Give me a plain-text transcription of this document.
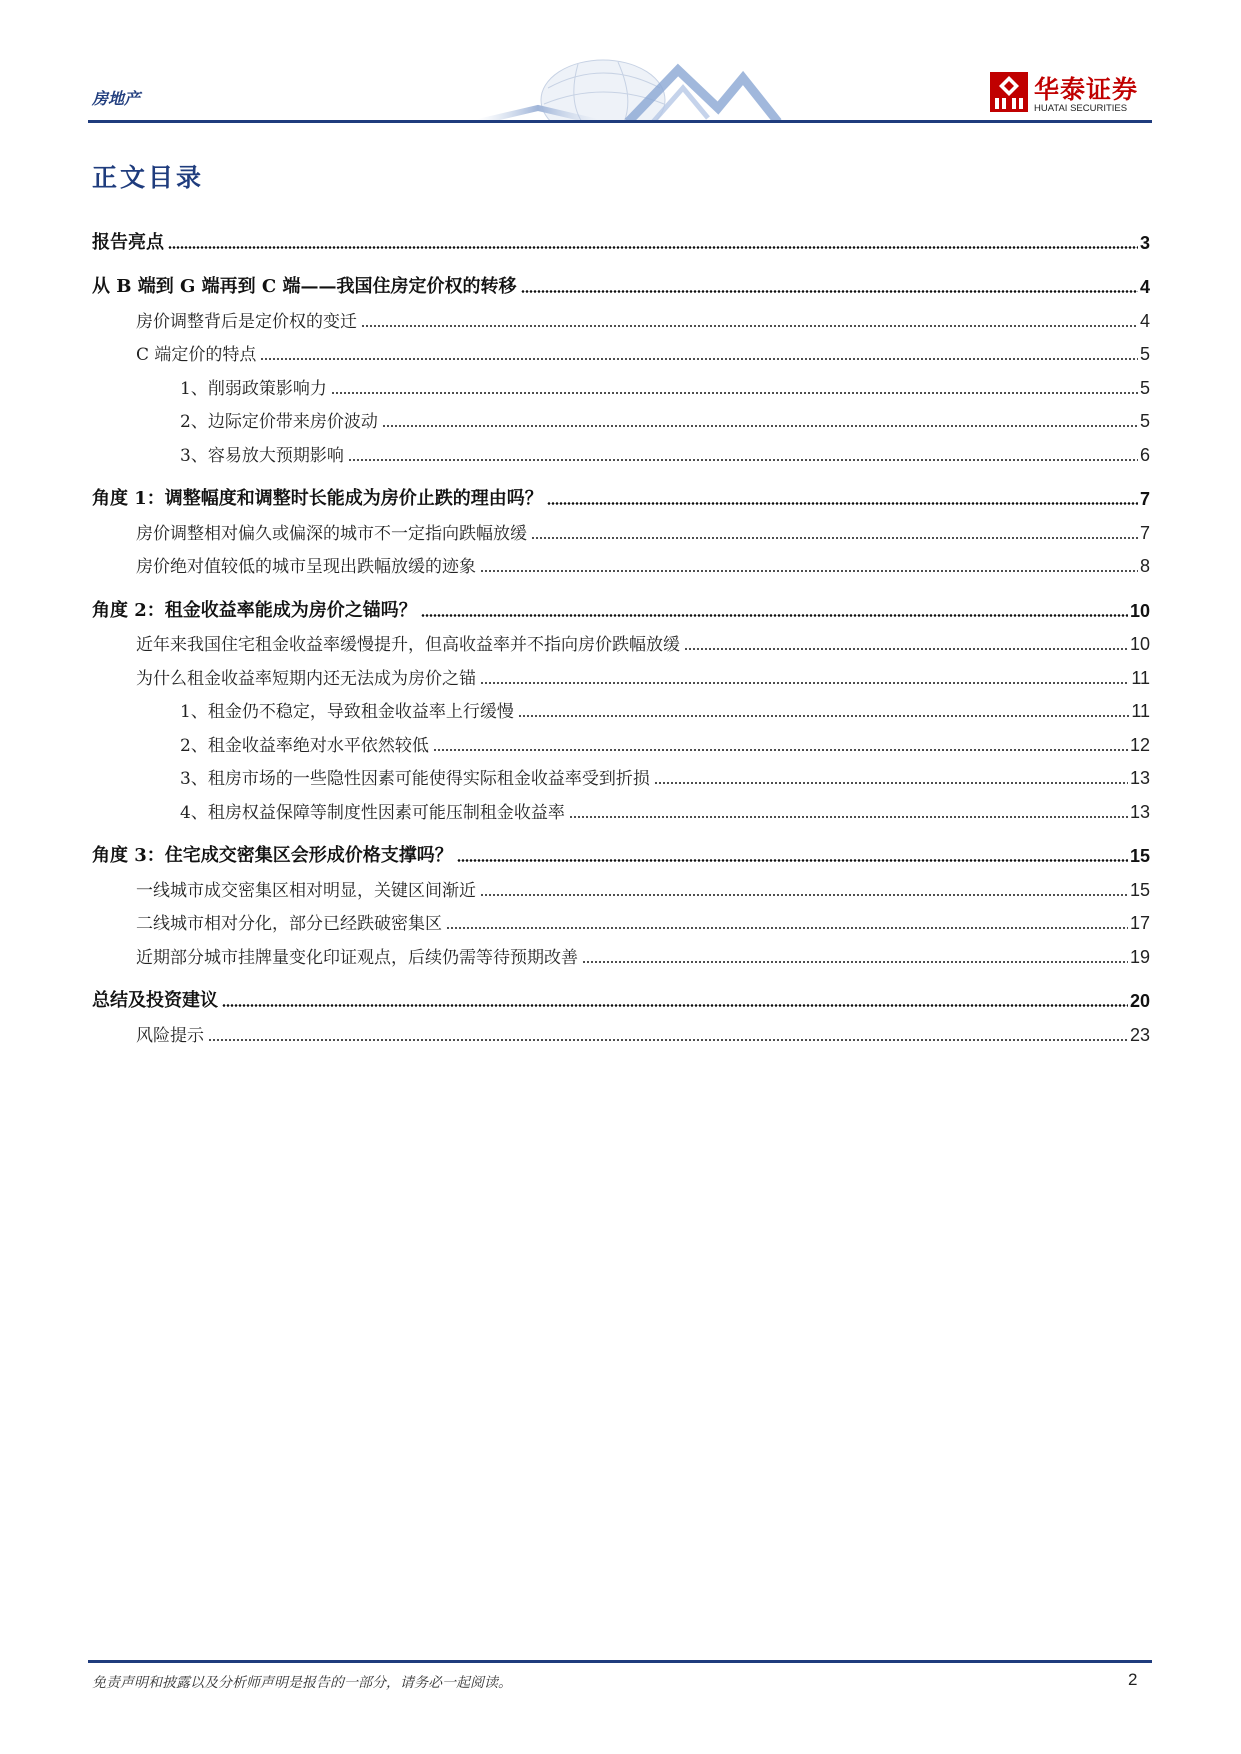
房地产	华泰证券
HUATAI SECURITIES
正文目录
报告亮点	3
从 B 端到 G 端再到 C 端——我国住房定价权的转移	4
房价调整背后是定价权的变迁	4
C 端定价的特点	5
1、削弱政策影响力	5
2、边际定价带来房价波动	5
3、容易放大预期影响	6
角度 1：调整幅度和调整时长能成为房价止跌的理由吗？	7
房价调整相对偏久或偏深的城市不一定指向跌幅放缓	7
房价绝对值较低的城市呈现出跌幅放缓的迹象	8
角度 2：租金收益率能成为房价之锚吗？	10
近年来我国住宅租金收益率缓慢提升，但高收益率并不指向房价跌幅放缓	10
为什么租金收益率短期内还无法成为房价之锚	11
1、租金仍不稳定，导致租金收益率上行缓慢	11
2、租金收益率绝对水平依然较低	12
3、租房市场的一些隐性因素可能使得实际租金收益率受到折损	13
4、租房权益保障等制度性因素可能压制租金收益率	13
角度 3：住宅成交密集区会形成价格支撑吗？	15
一线城市成交密集区相对明显，关键区间渐近	15
二线城市相对分化，部分已经跌破密集区	17
近期部分城市挂牌量变化印证观点，后续仍需等待预期改善	19
总结及投资建议	20
风险提示	23
免责声明和披露以及分析师声明是报告的一部分，请务必一起阅读。	2
